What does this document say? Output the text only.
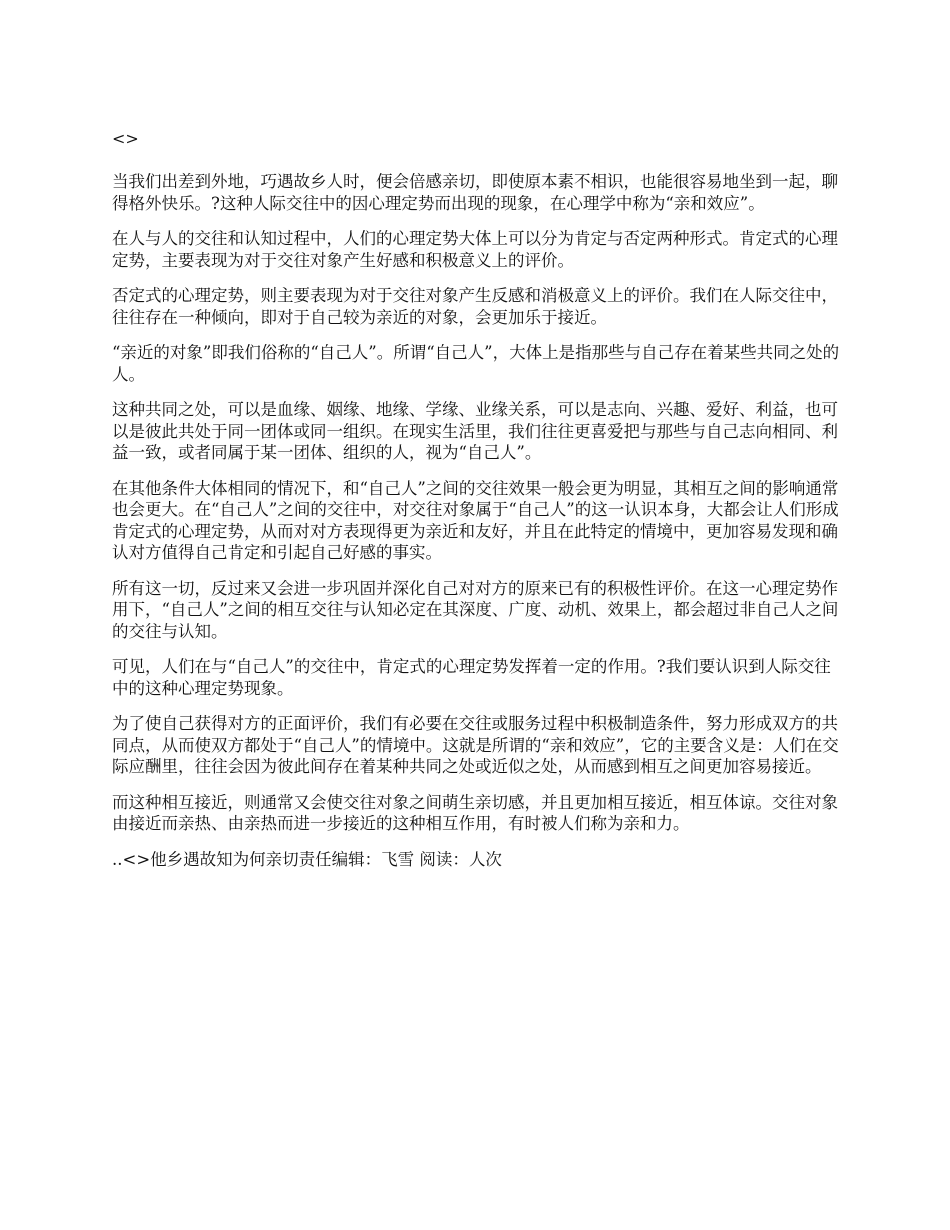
<>

当我们出差到外地，巧遇故乡人时，便会倍感亲切，即使原本素不相识，也能很容易地坐到一起，聊得格外快乐。?这种人际交往中的因心理定势而出现的现象，在心理学中称为“亲和效应”。

在人与人的交往和认知过程中，人们的心理定势大体上可以分为肯定与否定两种形式。肯定式的心理定势，主要表现为对于交往对象产生好感和积极意义上的评价。

否定式的心理定势，则主要表现为对于交往对象产生反感和消极意义上的评价。我们在人际交往中，往往存在一种倾向，即对于自己较为亲近的对象，会更加乐于接近。

“亲近的对象”即我们俗称的“自己人”。所谓“自己人”，大体上是指那些与自己存在着某些共同之处的人。

这种共同之处，可以是血缘、姻缘、地缘、学缘、业缘关系，可以是志向、兴趣、爱好、利益，也可以是彼此共处于同一团体或同一组织。在现实生活里，我们往往更喜爱把与那些与自己志向相同、利益一致，或者同属于某一团体、组织的人，视为“自己人”。

在其他条件大体相同的情况下，和“自己人”之间的交往效果一般会更为明显，其相互之间的影响通常也会更大。在“自己人”之间的交往中，对交往对象属于“自己人”的这一认识本身，大都会让人们形成肯定式的心理定势，从而对对方表现得更为亲近和友好，并且在此特定的情境中，更加容易发现和确认对方值得自己肯定和引起自己好感的事实。

所有这一切，反过来又会进一步巩固并深化自己对对方的原来已有的积极性评价。在这一心理定势作用下，“自己人”之间的相互交往与认知必定在其深度、广度、动机、效果上，都会超过非自己人之间的交往与认知。

可见，人们在与“自己人”的交往中，肯定式的心理定势发挥着一定的作用。?我们要认识到人际交往中的这种心理定势现象。

为了使自己获得对方的正面评价，我们有必要在交往或服务过程中积极制造条件，努力形成双方的共同点，从而使双方都处于“自己人”的情境中。这就是所谓的“亲和效应”，它的主要含义是：人们在交际应酬里，往往会因为彼此间存在着某种共同之处或近似之处，从而感到相互之间更加容易接近。

而这种相互接近，则通常又会使交往对象之间萌生亲切感，并且更加相互接近，相互体谅。交往对象由接近而亲热、由亲热而进一步接近的这种相互作用，有时被人们称为亲和力。

..<>他乡遇故知为何亲切责任编辑：飞雪 阅读：人次
